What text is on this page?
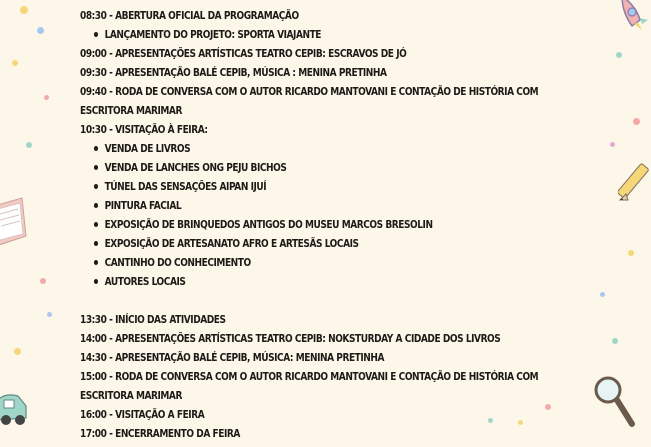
08:30 - ABERTURA OFICIAL DA PROGRAMAÇÃO
LANÇAMENTO DO PROJETO: SPORTA VIAJANTE
09:00 - APRESENTAÇÕES ARTÍSTICAS TEATRO CEPIB: ESCRAVOS DE JÓ
09:30 - APRESENTAÇÃO BALÉ CEPIB, MÚSICA : MENINA PRETINHA
09:40 - RODA DE CONVERSA COM O AUTOR RICARDO MANTOVANI E CONTAÇÃO DE HISTÓRIA COM ESCRITORA MARIMAR
10:30 - VISITAÇÃO À FEIRA:
VENDA DE LIVROS
VENDA DE LANCHES ONG PEJU BICHOS
TÚNEL DAS SENSAÇÕES AIPAN IJUÍ
PINTURA FACIAL
EXPOSIÇÃO DE BRINQUEDOS ANTIGOS DO MUSEU MARCOS BRESOLIN
EXPOSIÇÃO DE ARTESANATO AFRO E ARTESÃS LOCAIS
CANTINHO DO CONHECIMENTO
AUTORES LOCAIS
13:30 - INÍCIO DAS ATIVIDADES
14:00 - APRESENTAÇÕES ARTÍSTICAS TEATRO CEPIB: NOKSTURDAY A CIDADE DOS LIVROS
14:30 - APRESENTAÇÃO BALÉ CEPIB, MÚSICA: MENINA PRETINHA
15:00 - RODA DE CONVERSA COM O AUTOR RICARDO MANTOVANI E CONTAÇÃO DE HISTÓRIA COM ESCRITORA MARIMAR
16:00 - VISITAÇÃO A FEIRA
17:00 - ENCERRAMENTO DA FEIRA
